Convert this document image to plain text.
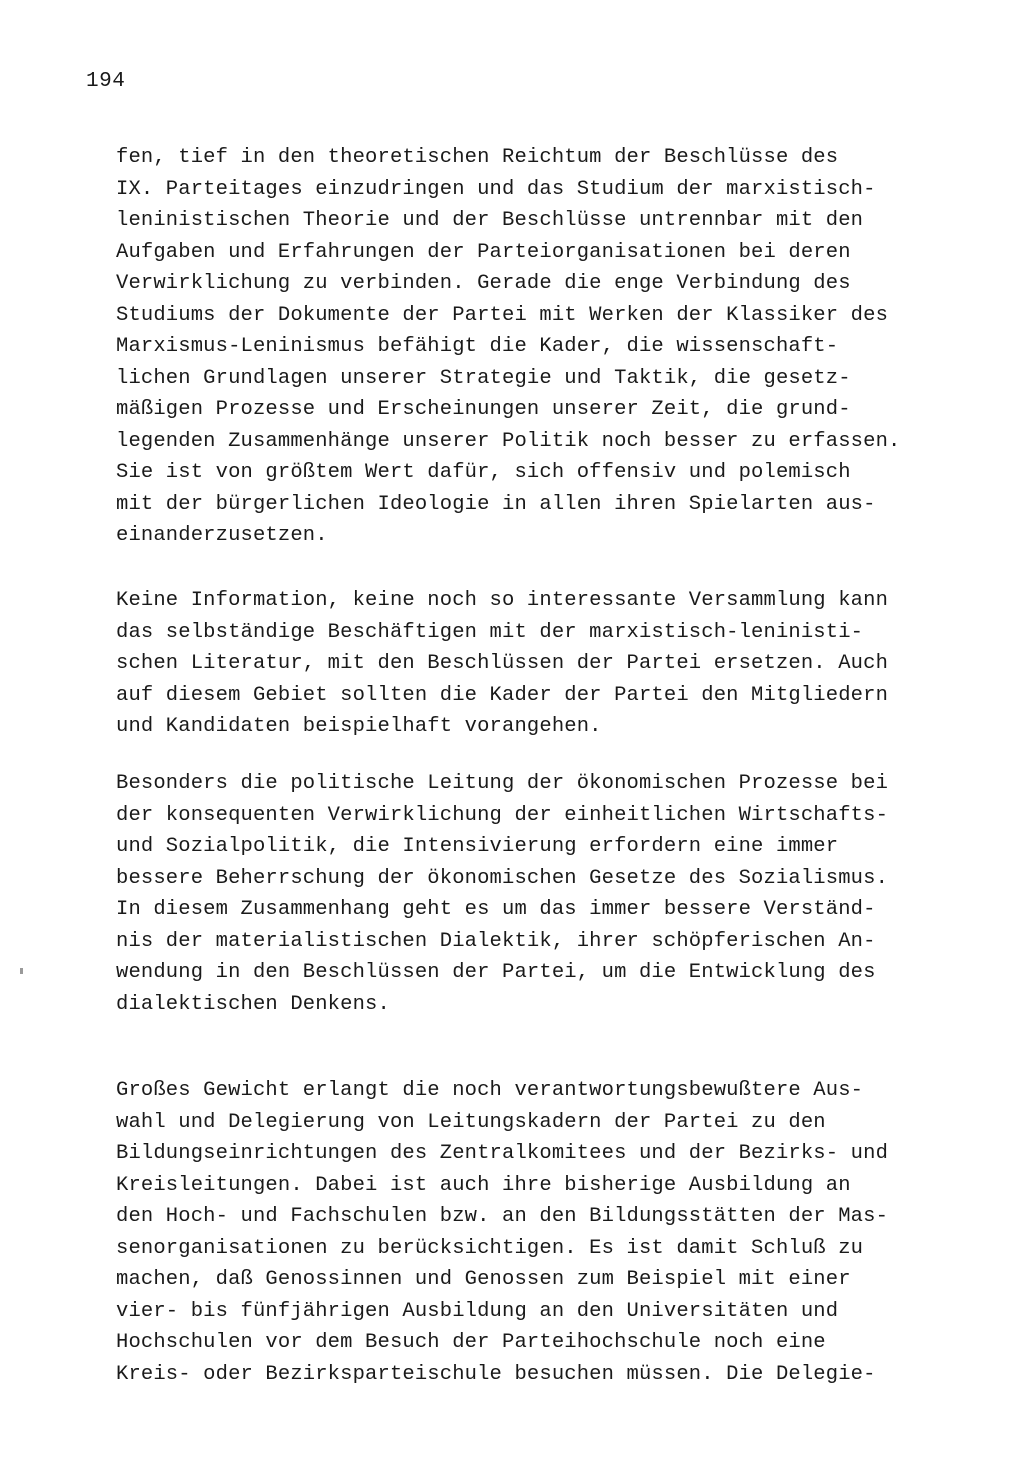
194
fen, tief in den theoretischen Reichtum der Beschlüsse des
IX. Parteitages einzudringen und das Studium der marxistisch-
leninistischen Theorie und der Beschlüsse untrennbar mit den
Aufgaben und Erfahrungen der Parteiorganisationen bei deren
Verwirklichung zu verbinden. Gerade die enge Verbindung des
Studiums der Dokumente der Partei mit Werken der Klassiker des
Marxismus-Leninismus befähigt die Kader, die wissenschaft-
lichen Grundlagen unserer Strategie und Taktik, die gesetz-
mäßigen Prozesse und Erscheinungen unserer Zeit, die grund-
legenden Zusammenhänge unserer Politik noch besser zu erfassen.
Sie ist von größtem Wert dafür, sich offensiv und polemisch
mit der bürgerlichen Ideologie in allen ihren Spielarten aus-
einanderzusetzen.
Keine Information, keine noch so interessante Versammlung kann
das selbständige Beschäftigen mit der marxistisch-leninisti-
schen Literatur, mit den Beschlüssen der Partei ersetzen. Auch
auf diesem Gebiet sollten die Kader der Partei den Mitgliedern
und Kandidaten beispielhaft vorangehen.
Besonders die politische Leitung der ökonomischen Prozesse bei
der konsequenten Verwirklichung der einheitlichen Wirtschafts-
und Sozialpolitik, die Intensivierung erfordern eine immer
bessere Beherrschung der ökonomischen Gesetze des Sozialismus.
In diesem Zusammenhang geht es um das immer bessere Verständ-
nis der materialistischen Dialektik, ihrer schöpferischen An-
wendung in den Beschlüssen der Partei, um die Entwicklung des
dialektischen Denkens.
Großes Gewicht erlangt die noch verantwortungsbewußtere Aus-
wahl und Delegierung von Leitungskadern der Partei zu den
Bildungseinrichtungen des Zentralkomitees und der Bezirks- und
Kreisleitungen. Dabei ist auch ihre bisherige Ausbildung an
den Hoch- und Fachschulen bzw. an den Bildungsstätten der Mas-
senorganisationen zu berücksichtigen. Es ist damit Schluß zu
machen, daß Genossinnen und Genossen zum Beispiel mit einer
vier- bis fünfjährigen Ausbildung an den Universitäten und
Hochschulen vor dem Besuch der Parteihochschule noch eine
Kreis- oder Bezirksparteischule besuchen müssen. Die Delegie-
